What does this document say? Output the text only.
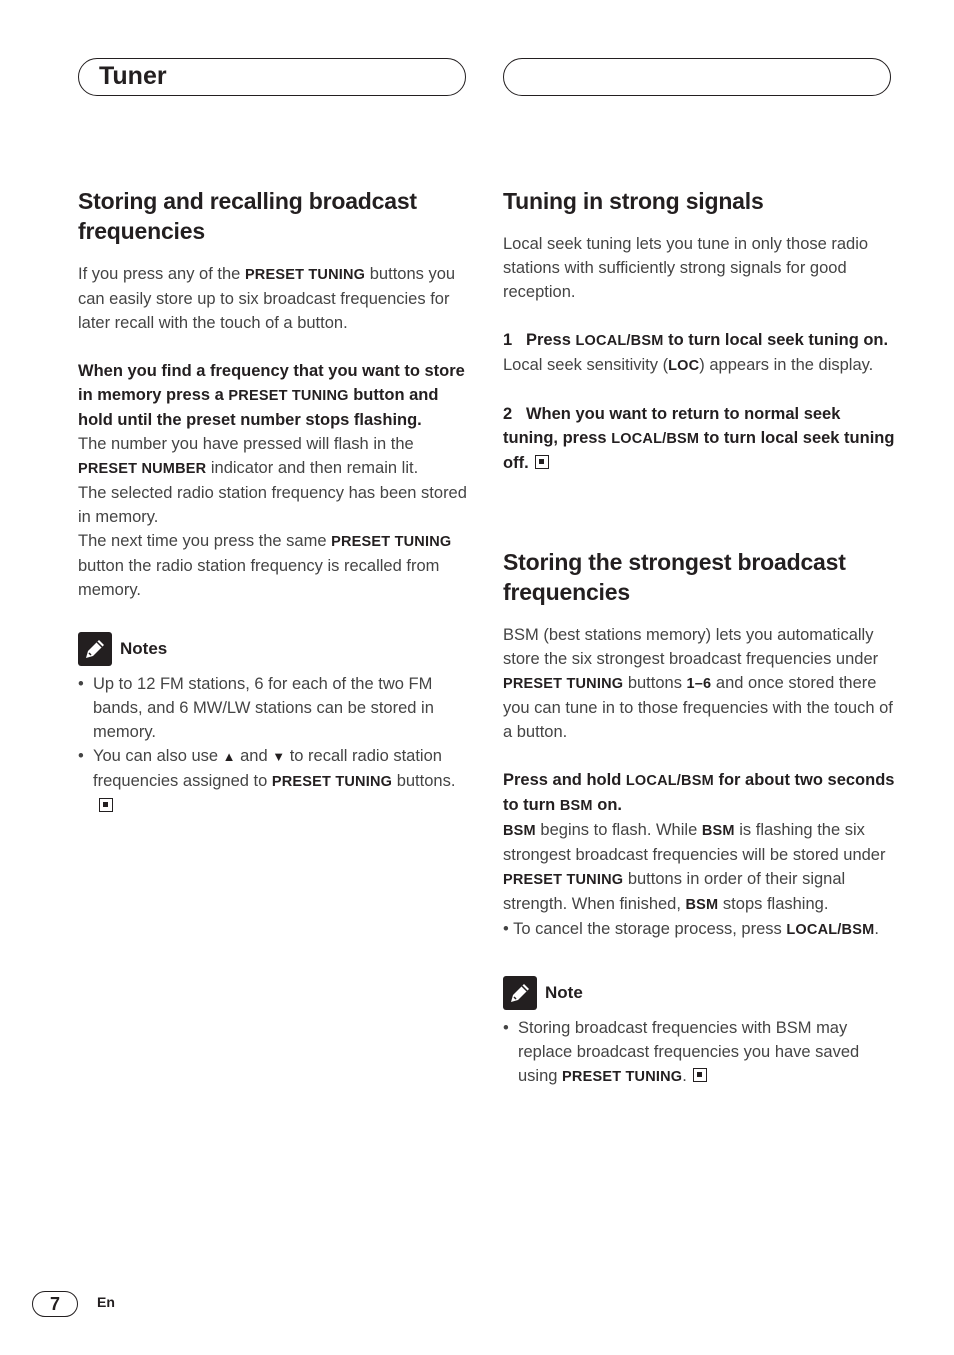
Tuner
Storing and recalling broadcast frequencies

If you press any of the PRESET TUNING buttons you can easily store up to six broadcast frequencies for later recall with the touch of a button.

When you find a frequency that you want to store in memory press a PRESET TUNING button and hold until the preset number stops flashing.

The number you have pressed will flash in the PRESET NUMBER indicator and then remain lit.

The selected radio station frequency has been stored in memory.

The next time you press the same PRESET TUNING button the radio station frequency is recalled from memory.

Notes
• Up to 12 FM stations, 6 for each of the two FM bands, and 6 MW/LW stations can be stored in memory.
• You can also use ▲ and ▼ to recall radio station frequencies assigned to PRESET TUNING buttons.
Tuning in strong signals

Local seek tuning lets you tune in only those radio stations with sufficiently strong signals for good reception.

1 Press LOCAL/BSM to turn local seek tuning on.

Local seek sensitivity (LOC) appears in the display.

2 When you want to return to normal seek tuning, press LOCAL/BSM to turn local seek tuning off.

Storing the strongest broadcast frequencies

BSM (best stations memory) lets you automatically store the six strongest broadcast frequencies under PRESET TUNING buttons 1–6 and once stored there you can tune in to those frequencies with the touch of a button.

Press and hold LOCAL/BSM for about two seconds to turn BSM on.

BSM begins to flash. While BSM is flashing the six strongest broadcast frequencies will be stored under PRESET TUNING buttons in order of their signal strength. When finished, BSM stops flashing.

• To cancel the storage process, press LOCAL/BSM.

Note
• Storing broadcast frequencies with BSM may replace broadcast frequencies you have saved using PRESET TUNING.
7	En
